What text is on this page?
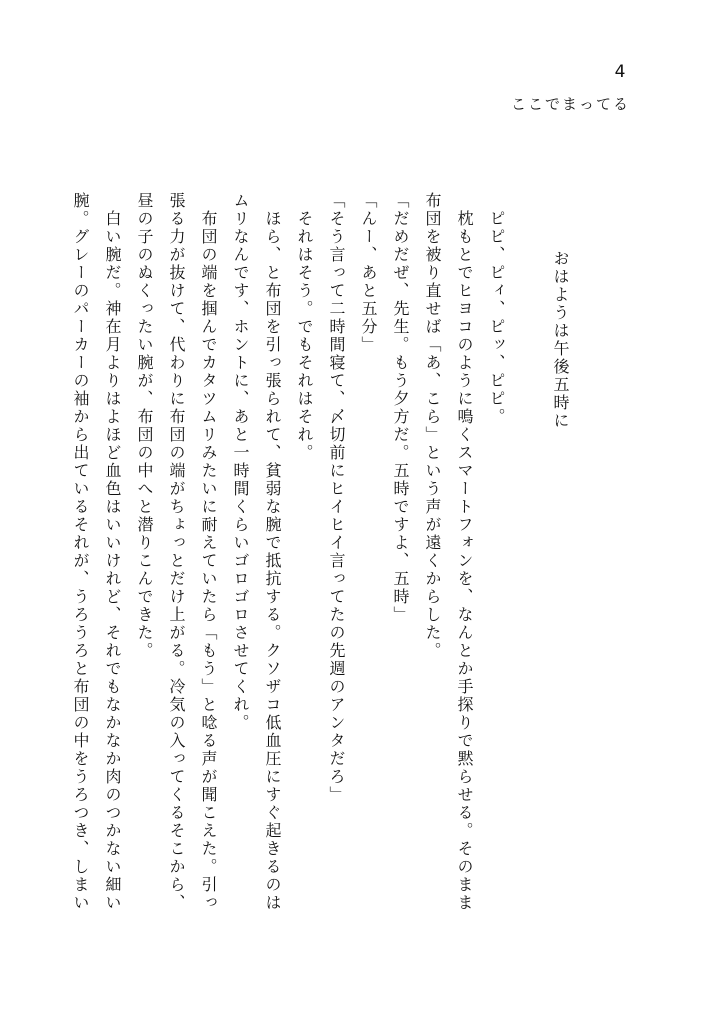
4
ここでまってる

おはようは午後五時に

ピピ、ピィ、ピッ、ピピ。

枕もとでヒヨコのように鳴くスマートフォンを、なんとか手探りで黙らせる。そのまま

布団を被り直せば「あ、こら」という声が遠くからした。

「だめだぜ、先生。もう夕方だ。五時ですよ、五時」

「んー、あと五分」

「そう言って二時間寝て、〆切前にヒイヒイ言ってたの先週のアンタだろ」

それはそう。でもそれはそれ。

ほら、と布団を引っ張られて、貧弱な腕で抵抗する。クソザコ低血圧にすぐ起きるのは

ムリなんです、ホントに、あと一時間くらいゴロゴロさせてくれ。

布団の端を掴んでカタツムリみたいに耐えていたら「もう」と唸る声が聞こえた。引っ

張る力が抜けて、代わりに布団の端がちょっとだけ上がる。冷気の入ってくるそこから、

昼の子のぬくったい腕が、布団の中へと潜りこんできた。

白い腕だ。神在月よりはよほど血色はいいけれど、それでもなかなか肉のつかない細い

腕。グレーのパーカーの袖から出ているそれが、うろうろと布団の中をうろつき、しまい
